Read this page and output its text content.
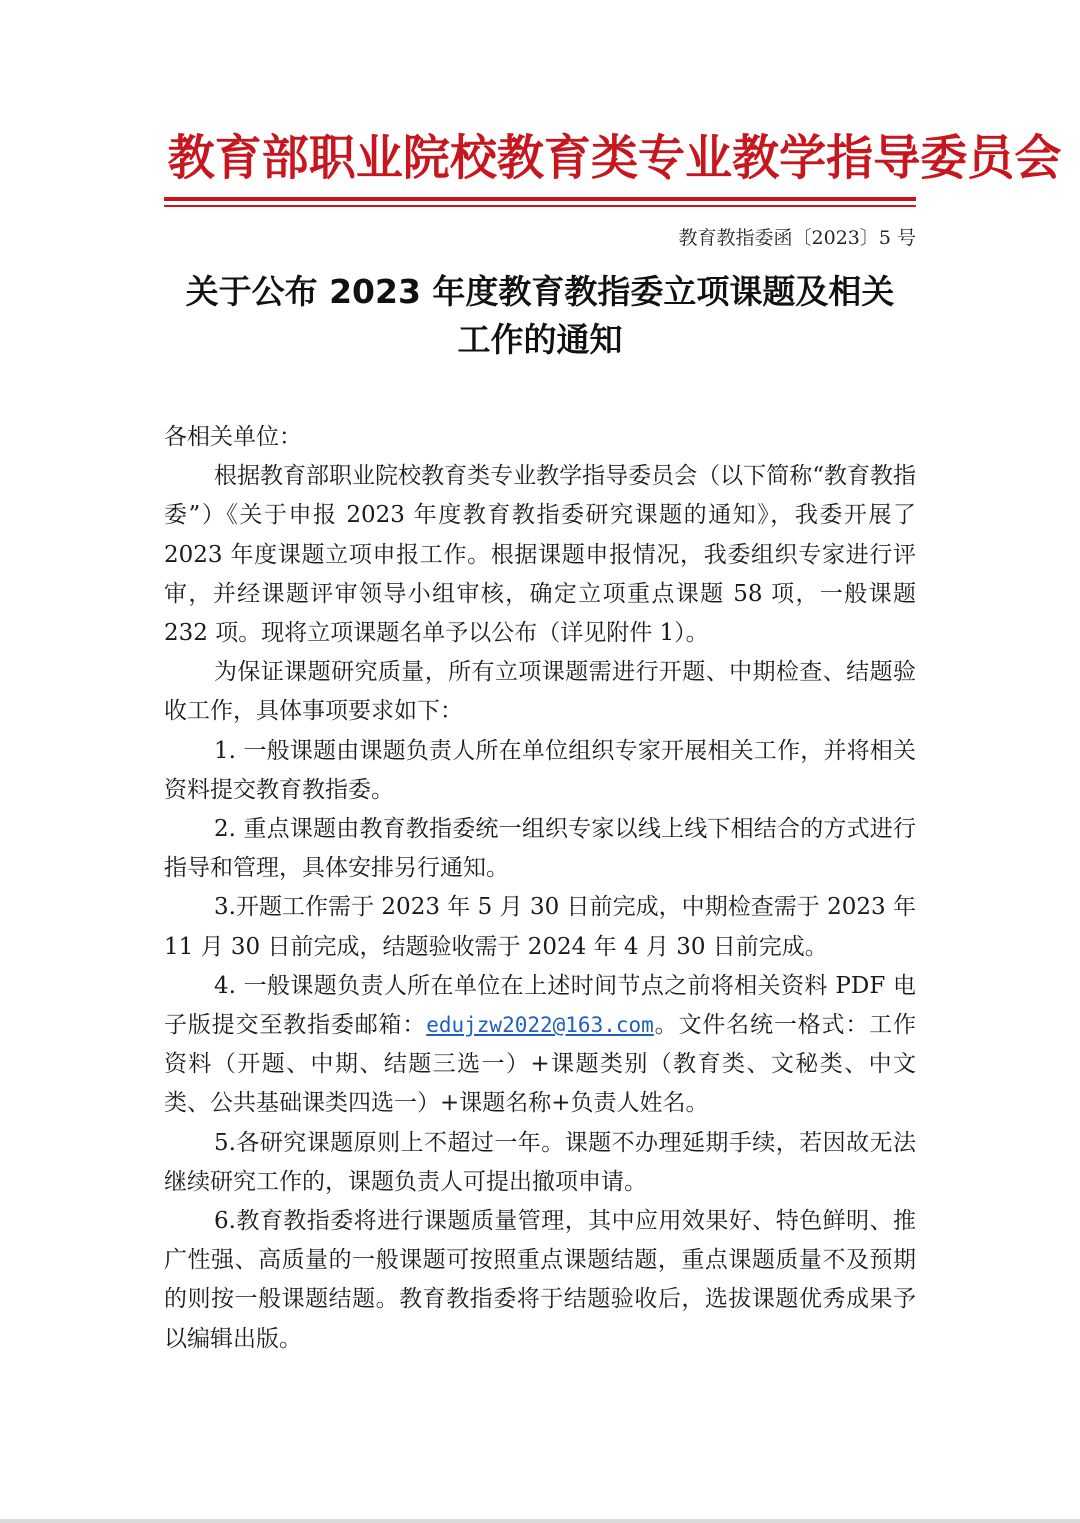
教育部职业院校教育类专业教学指导委员会
教育教指委函〔2023〕5 号
关于公布 2023 年度教育教指委立项课题及相关
工作的通知

各相关单位：

根据教育部职业院校教育类专业教学指导委员会（以下简称“教育教指委”）《关于申报 2023 年度教育教指委研究课题的通知》，我委开展了 2023 年度课题立项申报工作。根据课题申报情况，我委组织专家进行评审，并经课题评审领导小组审核，确定立项重点课题 58 项，一般课题 232 项。现将立项课题名单予以公布（详见附件 1）。

为保证课题研究质量，所有立项课题需进行开题、中期检查、结题验收工作，具体事项要求如下：

1. 一般课题由课题负责人所在单位组织专家开展相关工作，并将相关资料提交教育教指委。

2. 重点课题由教育教指委统一组织专家以线上线下相结合的方式进行指导和管理，具体安排另行通知。

3.开题工作需于 2023 年 5 月 30 日前完成，中期检查需于 2023 年 11 月 30 日前完成，结题验收需于 2024 年 4 月 30 日前完成。

4. 一般课题负责人所在单位在上述时间节点之前将相关资料 PDF 电子版提交至教指委邮箱：edujzw2022@163.com。文件名统一格式：工作资料（开题、中期、结题三选一）+课题类别（教育类、文秘类、中文类、公共基础课类四选一）+课题名称+负责人姓名。

5.各研究课题原则上不超过一年。课题不办理延期手续，若因故无法继续研究工作的，课题负责人可提出撤项申请。

6.教育教指委将进行课题质量管理，其中应用效果好、特色鲜明、推广性强、高质量的一般课题可按照重点课题结题，重点课题质量不及预期的则按一般课题结题。教育教指委将于结题验收后，选拔课题优秀成果予以编辑出版。
